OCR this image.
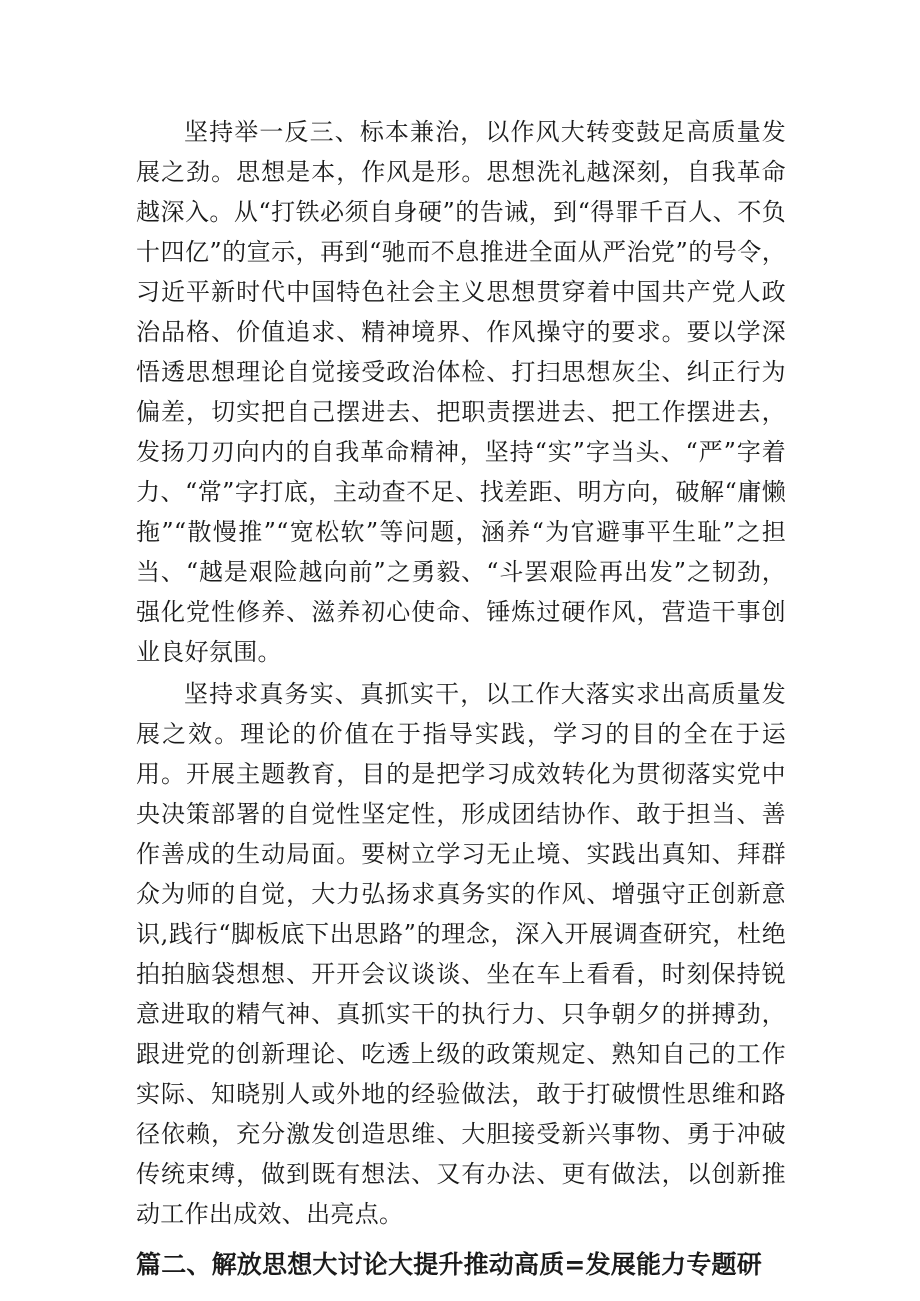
坚持举一反三、标本兼治，以作风大转变鼓足高质量发展之劲。思想是本，作风是形。思想洗礼越深刻，自我革命越深入。从“打铁必须自身硬”的告诫，到“得罪千百人、不负十四亿”的宣示，再到“驰而不息推进全面从严治党”的号令，习近平新时代中国特色社会主义思想贯穿着中国共产党人政治品格、价值追求、精神境界、作风操守的要求。要以学深悟透思想理论自觉接受政治体检、打扫思想灰尘、纠正行为偏差，切实把自己摆进去、把职责摆进去、把工作摆进去，发扬刀刃向内的自我革命精神，坚持“实”字当头、“严”字着力、“常”字打底，主动查不足、找差距、明方向，破解“庸懒拖”“散慢推”“宽松软”等问题，涵养“为官避事平生耻”之担当、“越是艰险越向前”之勇毅、“斗罢艰险再出发”之韧劲，强化党性修养、滋养初心使命、锤炼过硬作风，营造干事创业良好氛围。

坚持求真务实、真抓实干，以工作大落实求出高质量发展之效。理论的价值在于指导实践，学习的目的全在于运用。开展主题教育，目的是把学习成效转化为贯彻落实党中央决策部署的自觉性坚定性，形成团结协作、敢于担当、善作善成的生动局面。要树立学习无止境、实践出真知、拜群众为师的自觉，大力弘扬求真务实的作风、增强守正创新意识,践行“脚板底下出思路”的理念，深入开展调查研究，杜绝拍拍脑袋想想、开开会议谈谈、坐在车上看看，时刻保持锐意进取的精气神、真抓实干的执行力、只争朝夕的拼搏劲，跟进党的创新理论、吃透上级的政策规定、熟知自己的工作实际、知晓别人或外地的经验做法，敢于打破惯性思维和路径依赖，充分激发创造思维、大胆接受新兴事物、勇于冲破传统束缚，做到既有想法、又有办法、更有做法，以创新推动工作出成效、出亮点。

篇二、解放思想大讨论大提升推动高质=发展能力专题研
